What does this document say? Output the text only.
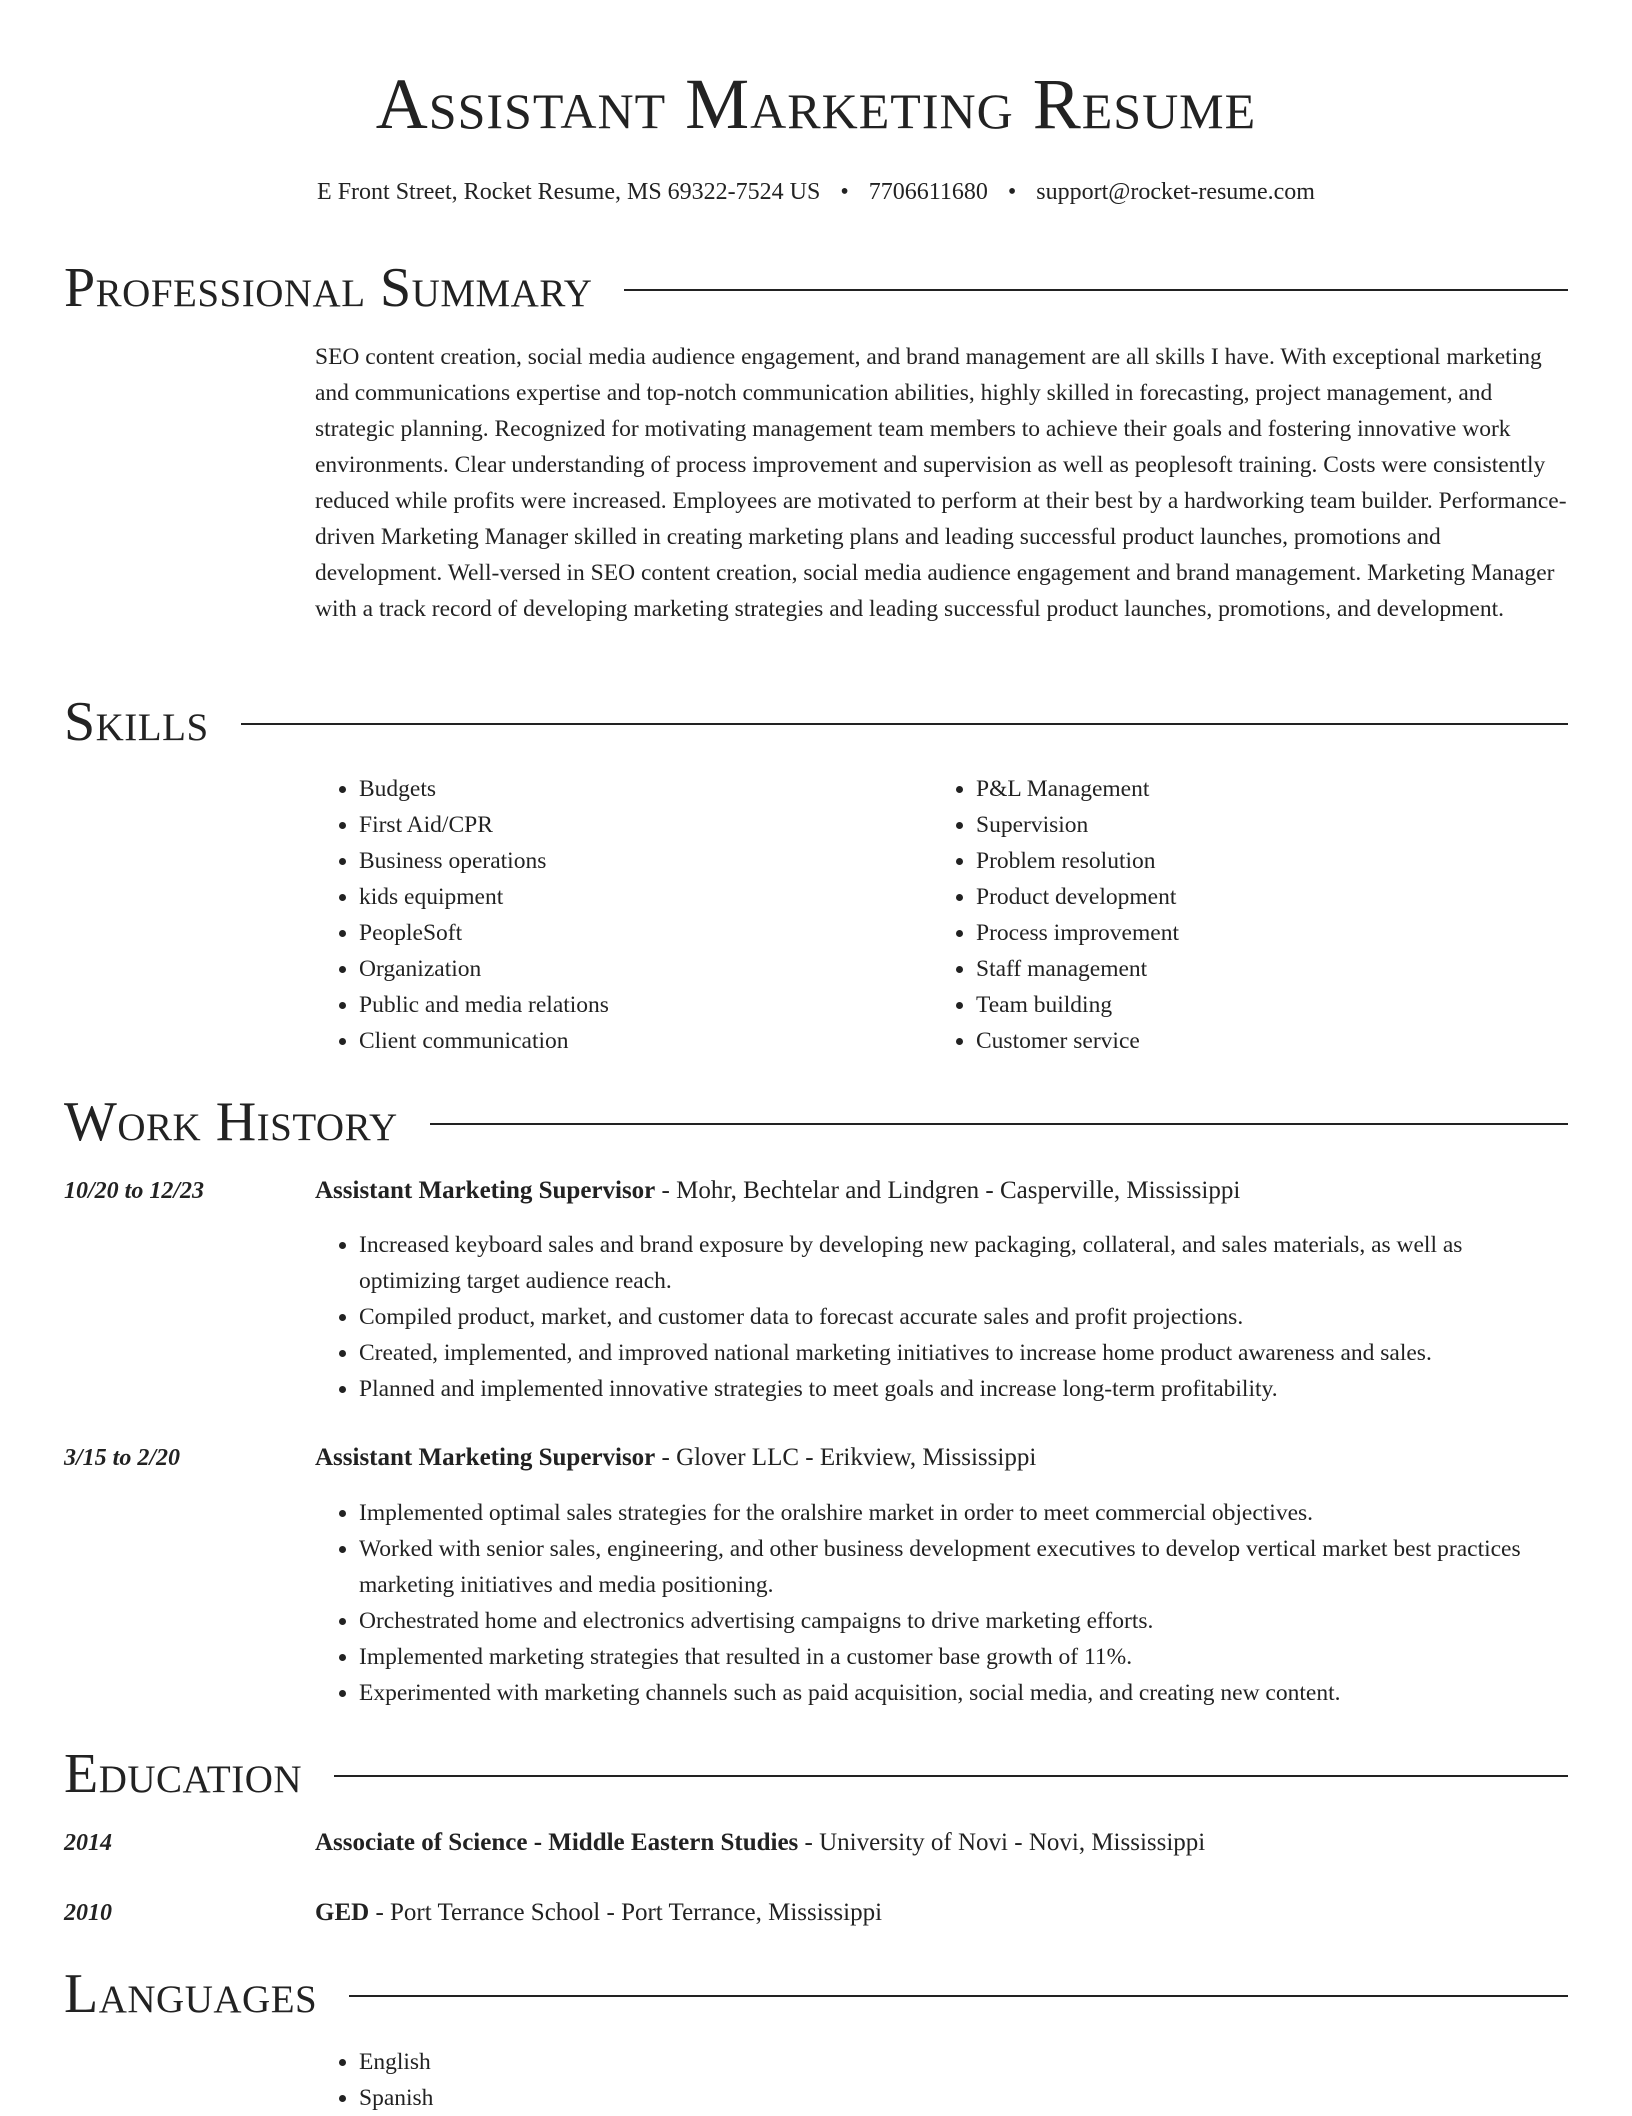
Assistant Marketing Resume
E Front Street, Rocket Resume, MS 69322-7524 US • 7706611680 • support@rocket-resume.com
Professional Summary
SEO content creation, social media audience engagement, and brand management are all skills I have. With exceptional marketing and communications expertise and top-notch communication abilities, highly skilled in forecasting, project management, and strategic planning. Recognized for motivating management team members to achieve their goals and fostering innovative work environments. Clear understanding of process improvement and supervision as well as peoplesoft training. Costs were consistently reduced while profits were increased. Employees are motivated to perform at their best by a hardworking team builder. Performance-driven Marketing Manager skilled in creating marketing plans and leading successful product launches, promotions and development. Well-versed in SEO content creation, social media audience engagement and brand management. Marketing Manager with a track record of developing marketing strategies and leading successful product launches, promotions, and development.
Skills
• Budgets
• First Aid/CPR
• Business operations
• kids equipment
• PeopleSoft
• Organization
• Public and media relations
• Client communication
• P&L Management
• Supervision
• Problem resolution
• Product development
• Process improvement
• Staff management
• Team building
• Customer service
Work History
10/20 to 12/23	Assistant Marketing Supervisor - Mohr, Bechtelar and Lindgren - Casperville, Mississippi
• Increased keyboard sales and brand exposure by developing new packaging, collateral, and sales materials, as well as optimizing target audience reach.
• Compiled product, market, and customer data to forecast accurate sales and profit projections.
• Created, implemented, and improved national marketing initiatives to increase home product awareness and sales.
• Planned and implemented innovative strategies to meet goals and increase long-term profitability.
3/15 to 2/20	Assistant Marketing Supervisor - Glover LLC - Erikview, Mississippi
• Implemented optimal sales strategies for the oralshire market in order to meet commercial objectives.
• Worked with senior sales, engineering, and other business development executives to develop vertical market best practices marketing initiatives and media positioning.
• Orchestrated home and electronics advertising campaigns to drive marketing efforts.
• Implemented marketing strategies that resulted in a customer base growth of 11%.
• Experimented with marketing channels such as paid acquisition, social media, and creating new content.
Education
2014	Associate of Science - Middle Eastern Studies - University of Novi - Novi, Mississippi
2010	GED - Port Terrance School - Port Terrance, Mississippi
Languages
• English
• Spanish
